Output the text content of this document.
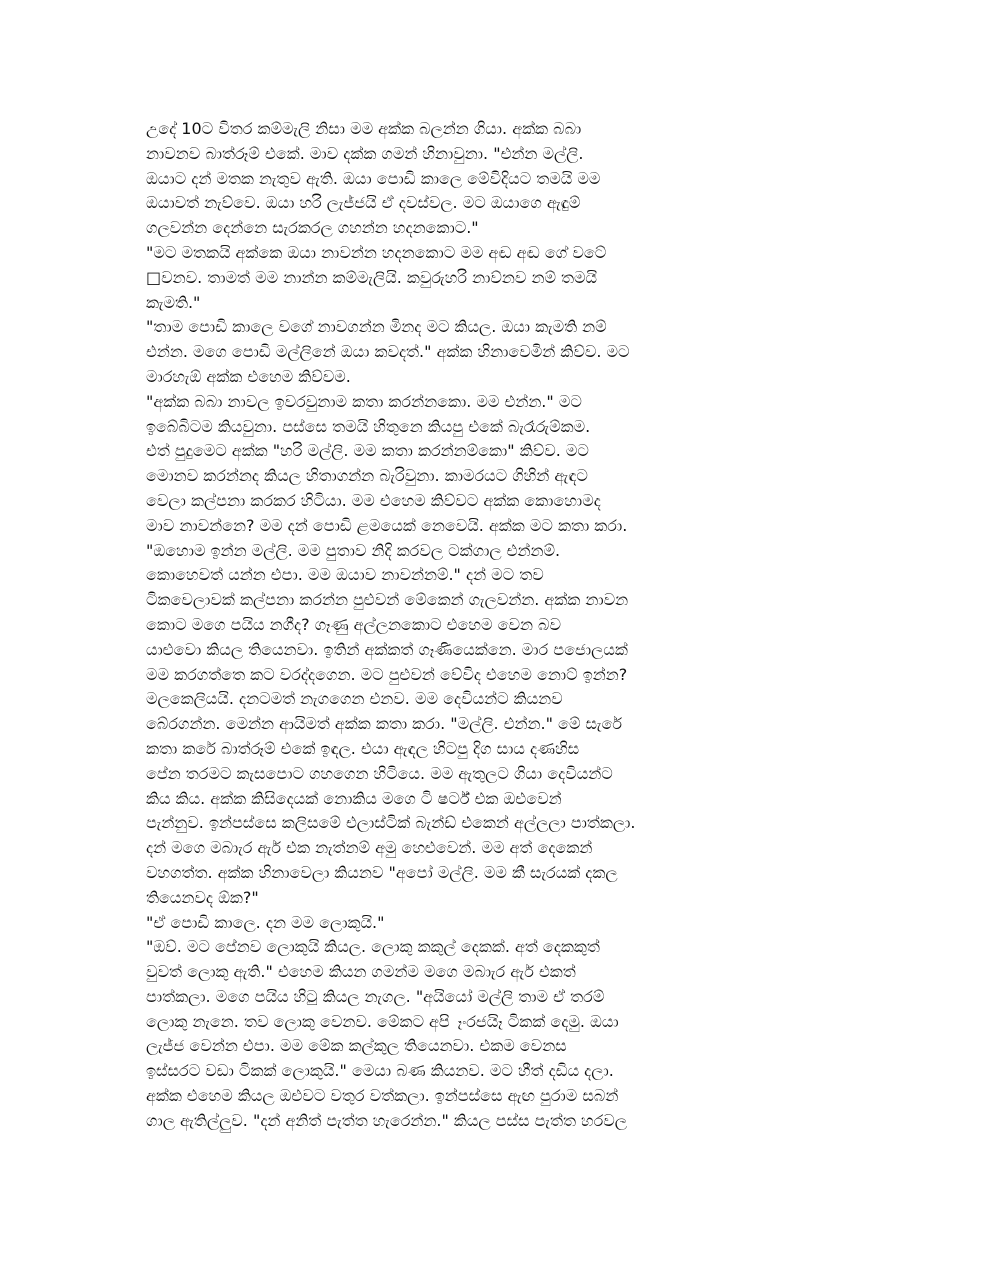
උදේ 10ට විතර කම්මැලි නිසා මම අක්ක බලන්න ගියා. අක්ක බබා
නාවනව බාත්රූම් එකේ. මාව දක්ක ගමන් හිනාවුනා. "එන්න මල්ලි.
ඔයාට දන් මතක නැතුව ඇති. ඔයා පොඩි කාලෙ මේවිදියට තමයි මම
ඔයාවත් නැව්වෙ. ඔයා හරි ලැජ්ජයි ඒ දවස්වල. මට ඔයාගෙ ඇඳුම්
ගලවන්න දෙන්නෙ සැරකරල ගහන්න හදනකොට."
"මට මතකයි අක්කෙ ඔයා නාවන්න හදනකොට මම අඬ අඬ ගේ වටේ
□වනව. තාමත් මම නාන්න කම්මැලියි. කවුරුහරි නාව්නව නම් තමයි
කැමති."
"තාම පොඩි කාලෙ වගේ නාවගන්න මිනද මට කියල. ඔයා කැමති නම්
එන්න. මගෙ පොඩි මල්ලිනේ ඔයා කවදත්." අක්ක හිනාවෙමින් කිව්ව. මට
මාරහැඕ අක්ක එහෙම කිව්වම.
"අක්ක බබා නාවල ඉවරවුනාම කතා කරන්නකො. මම එන්න." මට
ඉබේබිටම කියවුනා. පස්සෙ තමයි හිතුනෙ කියපු එකේ බැරෑරුම්කම.
එත් පුදුමෙට අක්ක "හරි මල්ලි. මම කතා කරන්නම්කො" කිව්ව. මට
මොනව කරන්නද කියල හිතාගන්න බැරිවුනා. කාමරයට ගිහින් ඇඳට
වෙලා කල්පනා කරකර හිටියා. මම එහෙම කිව්වට අක්ක කොහොමද
මාව නාවන්නෙ? මම දන් පොඩි ළමයෙක් නෙවෙයි. අක්ක මට කතා කරා.
"ඔහොම ඉන්න මල්ලි. මම පුතාව නිදි කරවල ටක්ගාල එන්නම්.
කොහෙවත් යන්න එපා. මම ඔයාව නාවන්නම්." දන් මට තව
ටිකවෙලාවක් කල්පනා කරන්න පුළුවන් මේකෙන් ගැලවන්න. අක්ක නාවන
කොට මගෙ පයිය නගීද? ගෑණු අල්ලනකොට එහෙම වෙන බව
යාළුවො කියල තියෙනවා. ඉතින් අක්කත් ගෑණියෙක්නෙ. මාර පජොලයක්
මම කරගත්තෙ කට වරද්දගෙන. මට පුළුවන් වේවිද එහෙම නොට් ඉන්න?
මලකෙලියයි. දනටමත් නැගගෙන එනව. මම දෙවියන්ට කියනව
බේරගන්න. මෙන්න ආයිමත් අක්ක කතා කරා. "මල්ලි. එන්න." මේ සැරේ
කතා කරේ බාත්රූම් එකේ ඉඳල. එයා ඇඳල හිටපු දිග සාය දණහිස
පේන තරමට කැසපොට ගහගෙන හිටියෙ. මම ඇතුලට ගියා දෙවියන්ට
කිය කිය. අක්ක කිසිදෙයක් නොකිය මගෙ ටි ෂර්ට් එක ඔළුවෙන්
පැන්නුව. ඉන්පස්සෙ කලිසමේ එලාස්ටික් බැන්ඩ් එකෙන් අල්ලලා පාත්කලා.
දන් මගෙ මබාැර ඇර් එක නැත්නම් අමු හෙළුවෙන්. මම අත් දෙකෙන්
වහගත්ත. අක්ක හිනාවෙලා කියනව "අපෝ මල්ලි. මම කී සැරයක් දකල
තියෙනවද ඕක?"
"ඒ පොඩි කාලෙ. දන මම ලොකුයි."
"ඔව්. මට පේනව ලොකුයි කියල. ලොකු කකුල් දෙකක්. අත් දෙකකුත්
වුවත් ලොකු ඇති." එහෙම කියන ගමන්ම මගෙ මබාැර ඇර් එකත්
පාත්කලා. මගෙ පයිය හිටු කියල නැගල. "අයියෝ මල්ලි තාම ඒ තරම්
ලොකු නැනෙ. තව ලොකු වෙනව. මේකට අපි ෑංරජයිෑ ටිකක් දෙමු. ඔයා
ලැජ්ජ වෙන්න එපා. මම මේක කල්කුල තියෙනවා. එකම වෙනස
ඉස්සරට වඩා ටිකක් ලොකුයි." මෙයා බණ කියනව. මට හීත් දඩිය දලා.
අක්ක එහෙම කියල ඔළුවට වතුර වත්කලා. ඉන්පස්සෙ ඇඟ පුරාම සබන්
ගාල ඇතිල්ලුව. "දන් අනිත් පැත්ත හැරෙන්න." කියල පස්ස පැත්ත හරවල
